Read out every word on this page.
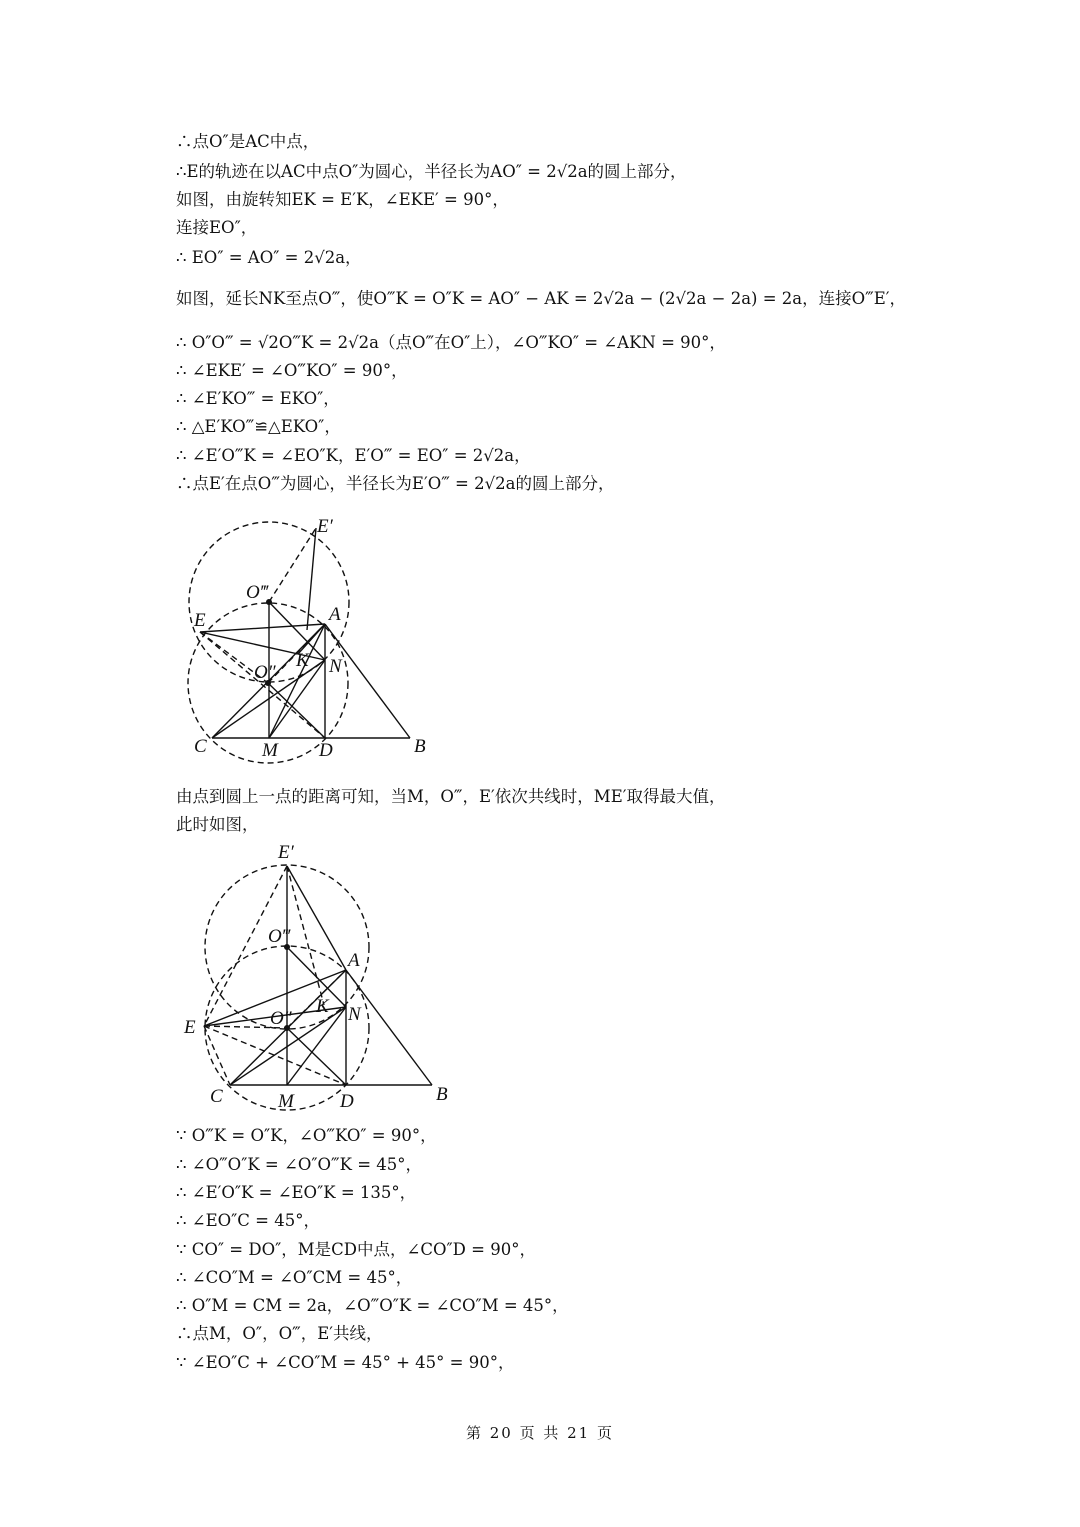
∴点O″是AC中点，
∴E的轨迹在以AC中点O″为圆心，半径长为AO″ = 2√2a的圆上部分，
如图，由旋转知EK = E′K，∠EKE′ = 90°，
连接EO″，
∴ EO″ = AO″ = 2√2a，
如图，延长NK至点O‴，使O‴K = O″K = AO″ − AK = 2√2a − (2√2a − 2a) = 2a，连接O‴E′，
∴ O″O‴ = √2O‴K = 2√2a（点O‴在O″上），∠O‴KO″ = ∠AKN = 90°，
∴ ∠EKE′ = ∠O‴KO″ = 90°，
∴ ∠E′KO‴ = EKO″，
∴ △E′KO‴≌△EKO″，
∴ ∠E′O‴K = ∠EO″K，E′O‴ = EO″ = 2√2a，
∴点E′在点O‴为圆心，半径长为E′O‴ = 2√2a的圆上部分，
E′
O‴
E	A
K N
O″
C	M D	B
由点到圆上一点的距离可知，当M，O‴，E′依次共线时，ME′取得最大值，
此时如图，
E′
O‴
E
A
K N
O″
C	M D	B
∵ O‴K = O″K，∠O‴KO″ = 90°，
∴ ∠O‴O″K = ∠O″O‴K = 45°，
∴ ∠E′O″K = ∠EO″K = 135°，
∴ ∠EO″C = 45°，
∵ CO″ = DO″，M是CD中点，∠CO″D = 90°，
∴ ∠CO″M = ∠O″CM = 45°，
∴ O″M = CM = 2a，∠O‴O″K = ∠CO″M = 45°，
∴点M，O″，O‴，E′共线，
∵ ∠EO″C + ∠CO″M = 45° + 45° = 90°，
第 20 页 共 21 页
